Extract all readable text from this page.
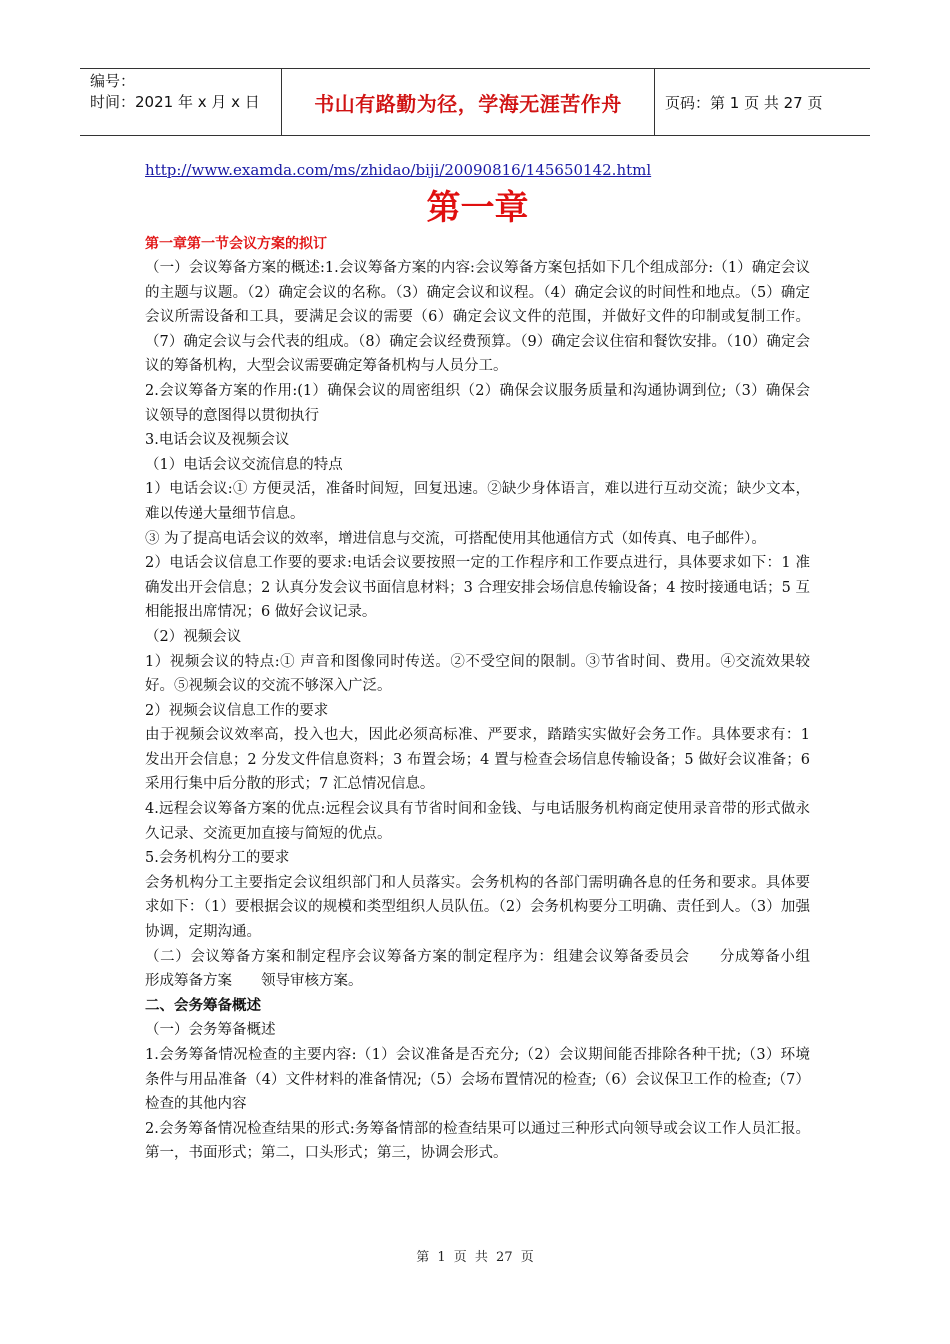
编号：
时间：2021 年 x 月 x 日	书山有路勤为径，学海无涯苦作舟	页码：第 1 页 共 27 页
http://www.examda.com/ms/zhidao/biji/20090816/145650142.html
第一章
第一章第一节会议方案的拟订

（一）会议筹备方案的概述:1.会议筹备方案的内容:会议筹备方案包括如下几个组成部分:（1）确定会议的主题与议题。（2）确定会议的名称。（3）确定会议和议程。（4）确定会议的时间性和地点。（5）确定会议所需设备和工具，要满足会议的需要（6）确定会议文件的范围，并做好文件的印制或复制工作。（7）确定会议与会代表的组成。（8）确定会议经费预算。（9）确定会议住宿和餐饮安排。（10）确定会议的筹备机构，大型会议需要确定筹备机构与人员分工。

2.会议筹备方案的作用:(1）确保会议的周密组织（2）确保会议服务质量和沟通协调到位;（3）确保会议领导的意图得以贯彻执行

3.电话会议及视频会议

（1）电话会议交流信息的特点

1）电话会议:① 方便灵活，准备时间短，回复迅速。②缺少身体语言，难以进行互动交流；缺少文本，难以传递大量细节信息。

③ 为了提高电话会议的效率，增进信息与交流，可搭配使用其他通信方式（如传真、电子邮件）。

2）电话会议信息工作要的要求:电话会议要按照一定的工作程序和工作要点进行，具体要求如下：1 准确发出开会信息；2 认真分发会议书面信息材料；3 合理安排会场信息传输设备；4 按时接通电话；5 互相能报出席情况；6 做好会议记录。

（2）视频会议

1）视频会议的特点:① 声音和图像同时传送。②不受空间的限制。③节省时间、费用。④交流效果较好。⑤视频会议的交流不够深入广泛。

2）视频会议信息工作的要求

由于视频会议效率高，投入也大，因此必须高标准、严要求，踏踏实实做好会务工作。具体要求有：1 发出开会信息；2 分发文件信息资料；3 布置会场；4 置与检查会场信息传输设备；5 做好会议准备；6 采用行集中后分散的形式；7 汇总情况信息。

4.远程会议筹备方案的优点:远程会议具有节省时间和金钱、与电话服务机构商定使用录音带的形式做永久记录、交流更加直接与简短的优点。

5.会务机构分工的要求

会务机构分工主要指定会议组织部门和人员落实。会务机构的各部门需明确各息的任务和要求。具体要求如下：（1）要根据会议的规模和类型组织人员队伍。（2）会务机构要分工明确、责任到人。（3）加强协调，定期沟通。

（二）会议筹备方案和制定程序会议筹备方案的制定程序为：组建会议筹备委员会　　分成筹备小组　　形成筹备方案　　领导审核方案。

二、会务筹备概述

（一）会务筹备概述

1.会务筹备情况检查的主要内容:（1）会议准备是否充分;（2）会议期间能否排除各种干扰;（3）环境条件与用品准备（4）文件材料的准备情况;（5）会场布置情况的检查;（6）会议保卫工作的检查;（7）检查的其他内容

2.会务筹备情况检查结果的形式:务筹备情部的检查结果可以通过三种形式向领导或会议工作人员汇报。第一，书面形式；第二，口头形式；第三，协调会形式。

第 1 页 共 27 页
